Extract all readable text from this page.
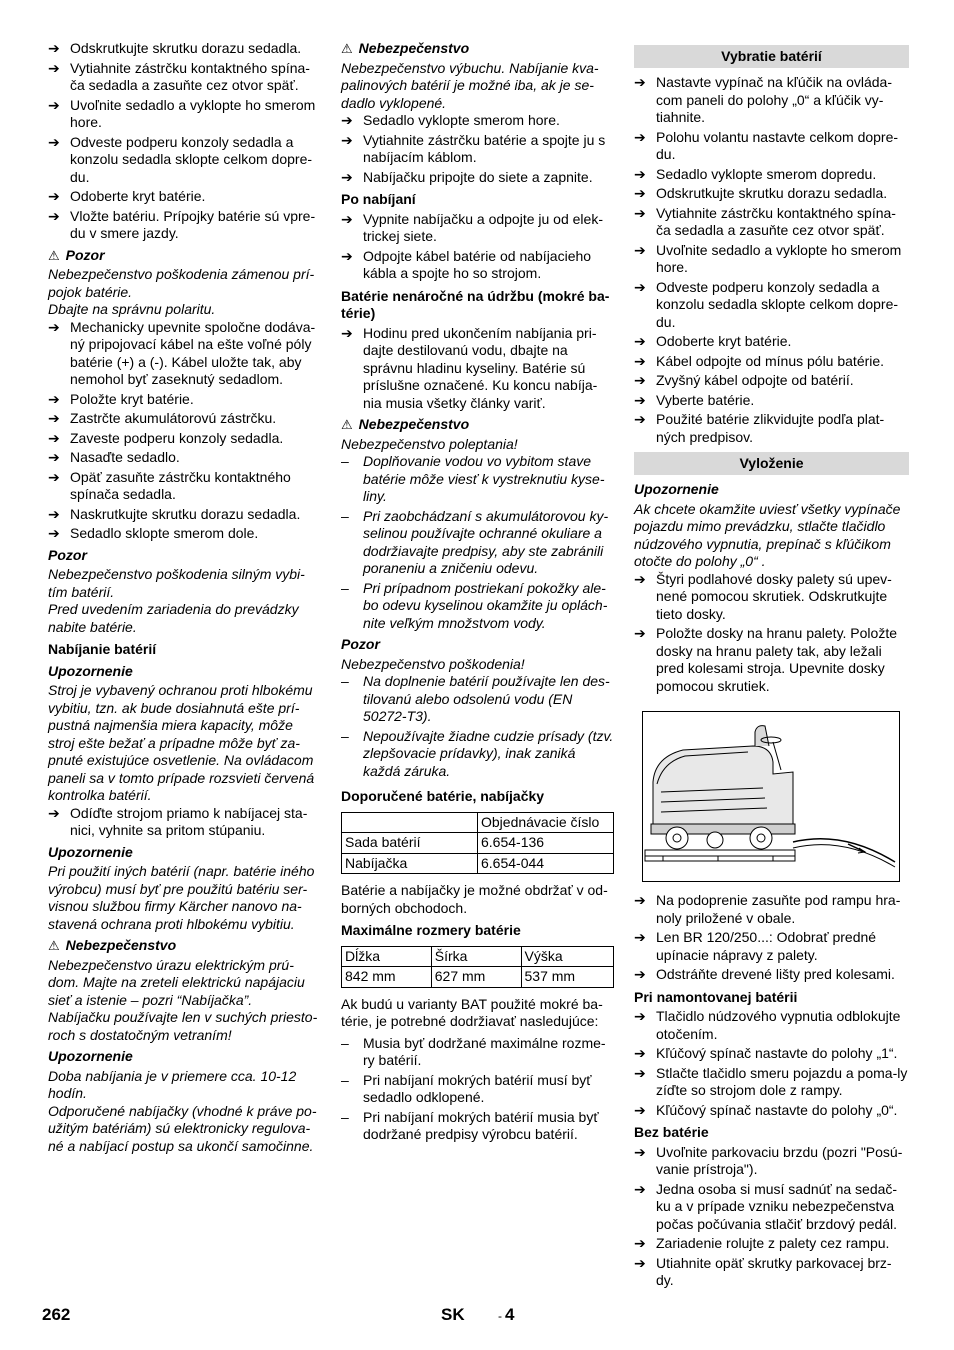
➔ Odskrutkujte skrutku dorazu sedadla.
➔ Vytiahnite zástrčku kontaktného spína-ča sedadla a zasuňte cez otvor späť.
➔ Uvoľnite sedadlo a vyklopte ho smerom hore.
➔ Odveste podperu konzoly sedadla a konzolu sedadla sklopte celkom dopre-du.
➔ Odoberte kryt batérie.
➔ Vložte batériu. Prípojky batérie sú vpre-du v smere jazdy.
⚠ Pozor

Nebezpečenstvo poškodenia zámenou prí-pojok batérie.

Dbajte na správnu polaritu.

➔ Mechanicky upevnite spoločne dodáva-ný pripojovací kábel na ešte voľné póly batérie (+) a (-). Kábel uložte tak, aby nemohol byť zaseknutý sedadlom.
➔ Položte kryt batérie.
➔ Zastrčte akumulátorovú zástrčku.
➔ Zaveste podperu konzoly sedadla.
➔ Nasaďte sedadlo.
➔ Opäť zasuňte zástrčku kontaktného spínača sedadla.
➔ Naskrutkujte skrutku dorazu sedadla.
➔ Sedadlo sklopte smerom dole.
Pozor

Nebezpečenstvo poškodenia silným vybi-tím batérií.

Pred uvedením zariadenia do prevádzky nabite batérie.

Nabíjanie batérií
Upozornenie

Stroj je vybavený ochranou proti hlbokému vybitiu, tzn. ak bude dosiahnutá ešte prí-pustná najmenšia miera kapacity, môže stroj ešte bežať a prípadne môže byť za-pnuté existujúce osvetlenie. Na ovládacom paneli sa v tomto prípade rozsvieti červená kontrolka batérií.

➔ Odíďte strojom priamo k nabíjacej sta-nici, vyhnite sa pritom stúpaniu.
Upozornenie

Pri použití iných batérií (napr. batérie iného výrobcu) musí byť pre použitú batériu ser-visnou službou firmy Kärcher nanovo na-stavená ochrana proti hlbokému vybitiu.

⚠ Nebezpečenstvo

Nebezpečenstvo úrazu elektrickým prú-dom. Majte na zreteli elektrickú napájaciu sieť a istenie – pozri “Nabíjačka”.

Nabíjačku používajte len v suchých priesto-roch s dostatočným vetraním!

Upozornenie

Doba nabíjania je v priemere cca. 10-12 hodín.

Odporučené nabíjačky (vhodné k práve po-užitým batériám) sú elektronicky regulova-né a nabíjací postup sa ukončí samočinne.

⚠ Nebezpečenstvo

Nebezpečenstvo výbuchu. Nabíjanie kva-palinových batérií je možné iba, ak je se-dadlo vyklopené.

➔ Sedadlo vyklopte smerom hore.
➔ Vytiahnite zástrčku batérie a spojte ju s nabíjacím káblom.
➔ Nabíjačku pripojte do siete a zapnite.
Po nabíjaní
➔ Vypnite nabíjačku a odpojte ju od elek-trickej siete.
➔ Odpojte kábel batérie od nabíjacieho kábla a spojte ho so strojom.
Batérie nenáročné na údržbu (mokré ba-térie)
➔ Hodinu pred ukončením nabíjania pri-dajte destilovanú vodu, dbajte na správnu hladinu kyseliny. Batérie sú príslušne označené. Ku koncu nabíja-nia musia všetky články variť.
⚠ Nebezpečenstvo

Nebezpečenstvo poleptania!

– Doplňovanie vodou vo vybitom stave batérie môže viesť k vystreknutiu kyse-liny.
– Pri zaobchádzaní s akumulátorovou ky-selinou používajte ochranné okuliare a dodržiavajte predpisy, aby ste zabránili poraneniu a zničeniu odevu.
– Pri prípadnom postriekaní pokožky ale-bo odevu kyselinou okamžite ju oplách-nite veľkým množstvom vody.
Pozor

Nebezpečenstvo poškodenia!

– Na doplnenie batérií používajte len des-tilovanú alebo odsolenú vodu (EN 50272-T3).
– Nepoužívajte žiadne cudzie prísady (tzv. zlepšovacie prídavky), inak zaniká každá záruka.
Doporučené batérie, nabíjačky
	Objednávacie číslo
Sada batérií	6.654-136
Nabíjačka	6.654-044

Batérie a nabíjačky je možné obdržať v od-borných obchodoch.

Maximálne rozmery batérie
Dĺžka	Šírka	Výška
842 mm	627 mm	537 mm

Ak budú u varianty BAT použité mokré ba-térie, je potrebné dodržiavať nasledujúce:

– Musia byť dodržané maximálne rozme-ry batérií.
– Pri nabíjaní mokrých batérií musí byť sedadlo odklopené.
– Pri nabíjaní mokrých batérií musia byť dodržané predpisy výrobcu batérií.
Vybratie batérií
➔ Nastavte vypínač na kľúčik na ovláda-com paneli do polohy „0“ a kľúčik vy-tiahnite.
➔ Polohu volantu nastavte celkom dopre-du.
➔ Sedadlo vyklopte smerom dopredu.
➔ Odskrutkujte skrutku dorazu sedadla.
➔ Vytiahnite zástrčku kontaktného spína-ča sedadla a zasuňte cez otvor späť.
➔ Uvoľnite sedadlo a vyklopte ho smerom hore.
➔ Odveste podperu konzoly sedadla a konzolu sedadla sklopte celkom dopre-du.
➔ Odoberte kryt batérie.
➔ Kábel odpojte od mínus pólu batérie.
➔ Zvyšný kábel odpojte od batérií.
➔ Vyberte batérie.
➔ Použité batérie zlikvidujte podľa plat-ných predpisov.
Vyloženie
Upozornenie

Ak chcete okamžite uviesť všetky vypínače pojazdu mimo prevádzku, stlačte tlačidlo núdzového vypnutia, prepínač s kľúčikom otočte do polohy „0“ .

➔ Štyri podlahové dosky palety sú upev-nené pomocou skrutiek. Odskrutkujte tieto dosky.
➔ Položte dosky na hranu palety. Položte dosky na hranu palety tak, aby ležali pred kolesami stroja. Upevnite dosky pomocou skrutiek.
➔ Na podoprenie zasuňte pod rampu hra-noly priložené v obale.
➔ Len BR 120/250...: Odobrať predné upínacie nápravy z palety.
➔ Odstráňte drevené lišty pred kolesami.
Pri namontovanej batérii
➔ Tlačidlo núdzového vypnutia odblokujte otočením.
➔ Kľúčový spínač nastavte do polohy „1“.
➔ Stlačte tlačidlo smeru pojazdu a poma-ly zíďte so strojom dole z rampy.
➔ Kľúčový spínač nastavte do polohy „0“.
Bez batérie
➔ Uvoľnite parkovaciu brzdu (pozri "Posú-vanie prístroja").
➔ Jedna osoba si musí sadnúť na sedač-ku a v prípade vzniku nebezpečenstva počas počúvania stlačiť brzdový pedál.
➔ Zariadenie rolujte z palety cez rampu.
➔ Utiahnite opäť skrutky parkovacej brz-dy.
262	SK	- 4
